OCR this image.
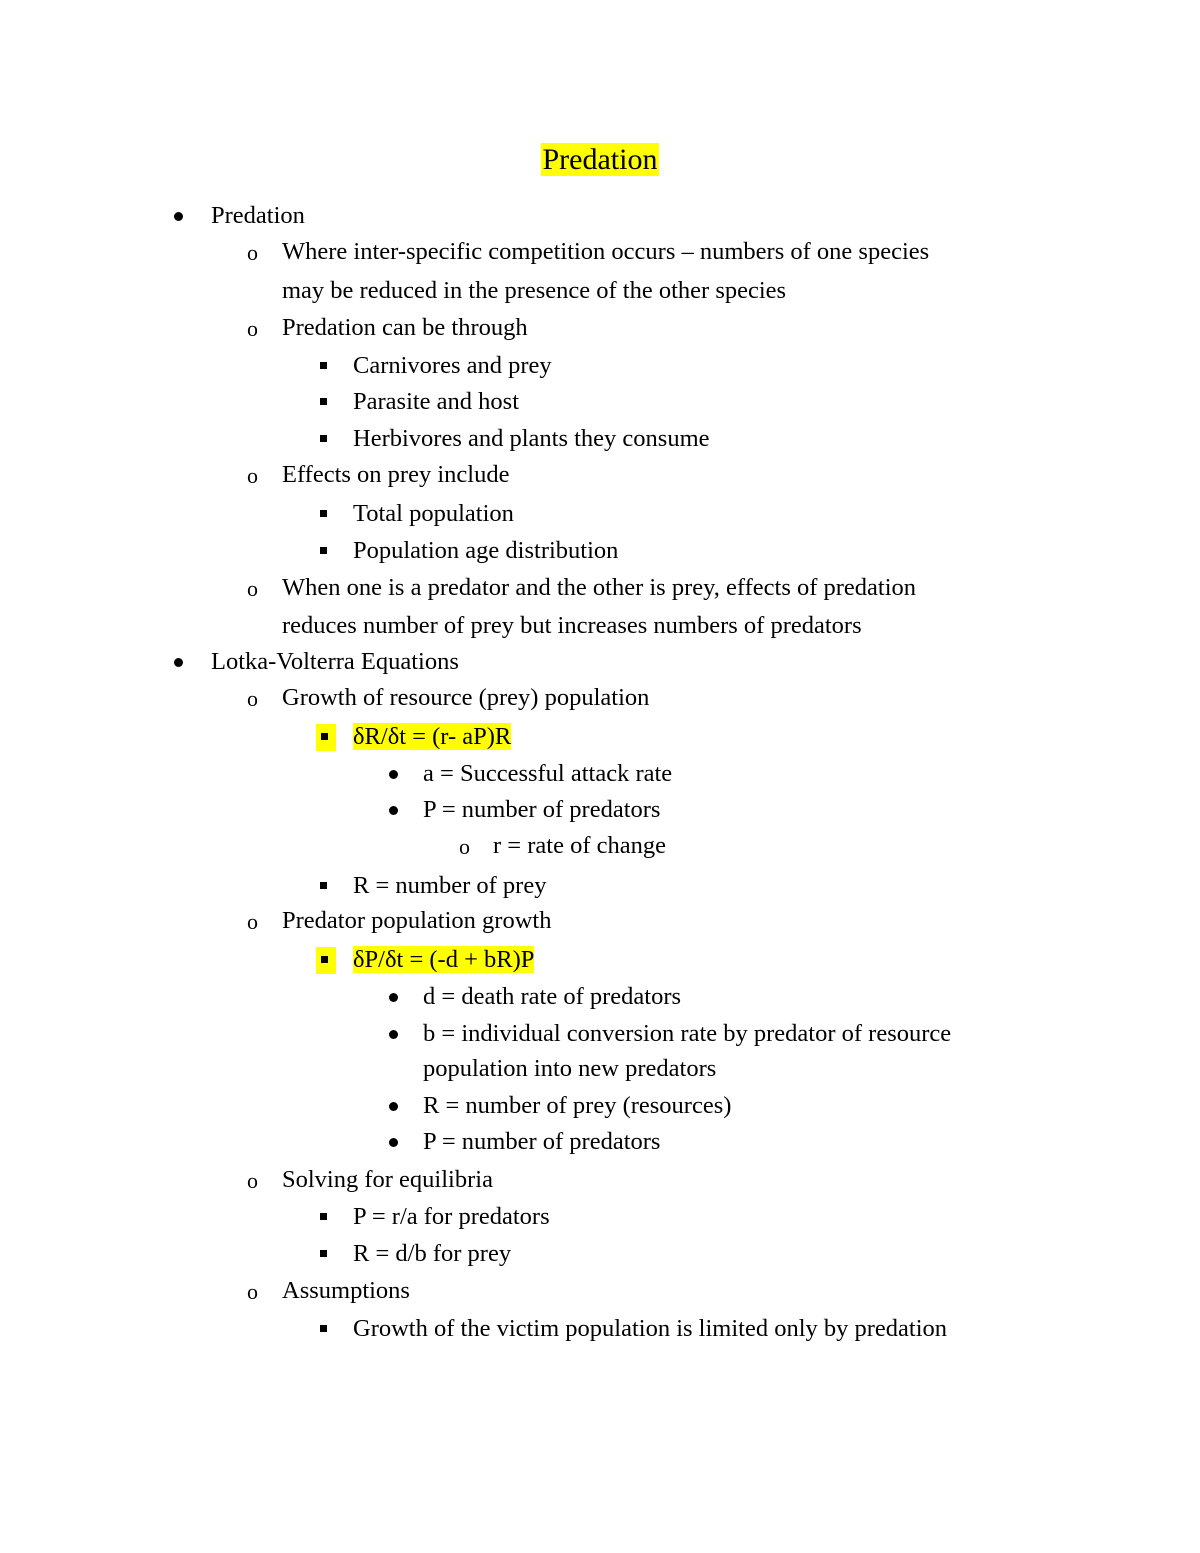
Predation
Predation
o Where inter-specific competition occurs – numbers of one species
may be reduced in the presence of the other species
o Predation can be through
Carnivores and prey
Parasite and host
Herbivores and plants they consume
o Effects on prey include
Total population
Population age distribution
o When one is a predator and the other is prey, effects of predation
reduces number of prey but increases numbers of predators
Lotka-Volterra Equations
o Growth of resource (prey) population
δR/δt = (r- aP)R
a = Successful attack rate
P = number of predators
o r = rate of change
R = number of prey
o Predator population growth
δP/δt = (-d + bR)P
d = death rate of predators
b = individual conversion rate by predator of resource
population into new predators
R = number of prey (resources)
P = number of predators
o Solving for equilibria
P = r/a for predators
R = d/b for prey
o Assumptions
Growth of the victim population is limited only by predation
